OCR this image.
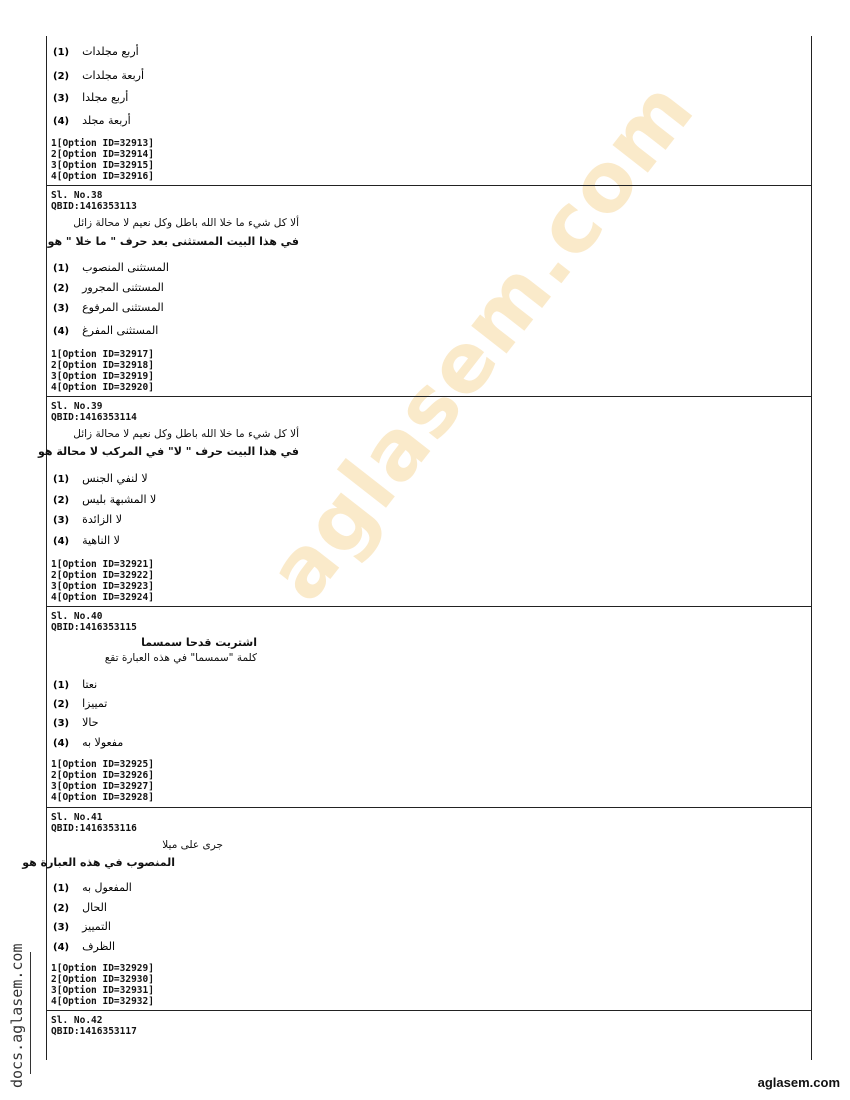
aglasem.com
(1) أربع مجلدات
(2) أربعة مجلدات
(3) أربع مجلدا
(4) أربعة مجلد
1[Option ID=32913]
2[Option ID=32914]
3[Option ID=32915]
4[Option ID=32916]
Sl. No.38
QBID:1416353113
ألا كل شيء ما خلا الله باطل وكل نعيم لا محالة زائل
في هذا البيت المستثنى بعد حرف " ما خلا " هو
(1) المستثنى المنصوب
(2) المستثنى المجرور
(3) المستثنى المرفوع
(4) المستثنى المفرغ
1[Option ID=32917]
2[Option ID=32918]
3[Option ID=32919]
4[Option ID=32920]
Sl. No.39
QBID:1416353114
ألا كل شيء ما خلا الله باطل وكل نعيم لا محالة زائل
في هذا البيت حرف " لا" في المركب لا محالة هو
(1) لا لنفي الجنس
(2) لا المشبهة بليس
(3) لا الزائدة
(4) لا الناهية
1[Option ID=32921]
2[Option ID=32922]
3[Option ID=32923]
4[Option ID=32924]
Sl. No.40
QBID:1416353115
اشتريت قدحا سمسما
كلمة "سمسما" في هذه العبارة تقع
(1) نعتا
(2) تمييزا
(3) حالا
(4) مفعولا به
1[Option ID=32925]
2[Option ID=32926]
3[Option ID=32927]
4[Option ID=32928]
Sl. No.41
QBID:1416353116
جرى على ميلا
المنصوب في هذه العبارة هو
(1) المفعول به
(2) الحال
(3) التمييز
(4) الظرف
1[Option ID=32929]
2[Option ID=32930]
3[Option ID=32931]
4[Option ID=32932]
Sl. No.42
QBID:1416353117
docs.aglasem.com	aglasem.com
